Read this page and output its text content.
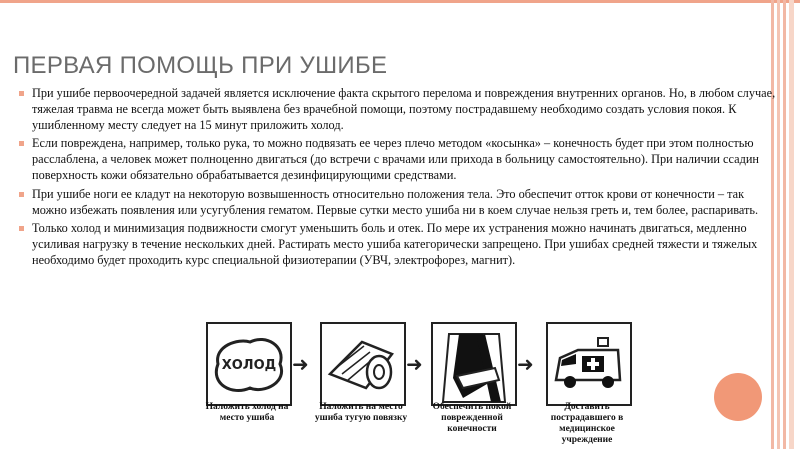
ПЕРВАЯ ПОМОЩЬ ПРИ УШИБЕ
При ушибе первоочередной задачей является исключение факта скрытого перелома и повреждения внутренних органов. Но, в любом случае, тяжелая травма не всегда может быть выявлена без врачебной помощи, поэтому пострадавшему необходимо создать условия покоя. К ушибленному месту следует на 15 минут приложить холод.
Если повреждена, например, только рука, то можно подвязать ее через плечо методом «косынка» – конечность будет при этом полностью расслаблена, а человек может полноценно двигаться (до встречи с врачами или прихода в больницу самостоятельно). При наличии ссадин поверхность кожи обязательно обрабатывается дезинфицирующими средствами.
При ушибе ноги ее кладут на некоторую возвышенность относительно положения тела. Это обеспечит отток крови от конечности – так можно избежать появления или усугубления гематом. Первые сутки место ушиба ни в коем случае нельзя греть и, тем более, распаривать.
Только холод и минимизация подвижности смогут уменьшить боль и отек. По мере их устранения можно начинать двигаться, медленно усиливая нагрузку в течение нескольких дней. Растирать место ушиба категорически запрещено. При ушибах средней тяжести и тяжелых необходимо будет проходить курс специальной физиотерапии (УВЧ, электрофорез, магнит).
ХОЛОД ➜	➜	➜
Наложить холод на место ушиба
Наложить на место ушиба тугую повязку
Обеспечить покой поврежденной конечности
Доставить пострадавшего в медицинское учреждение
